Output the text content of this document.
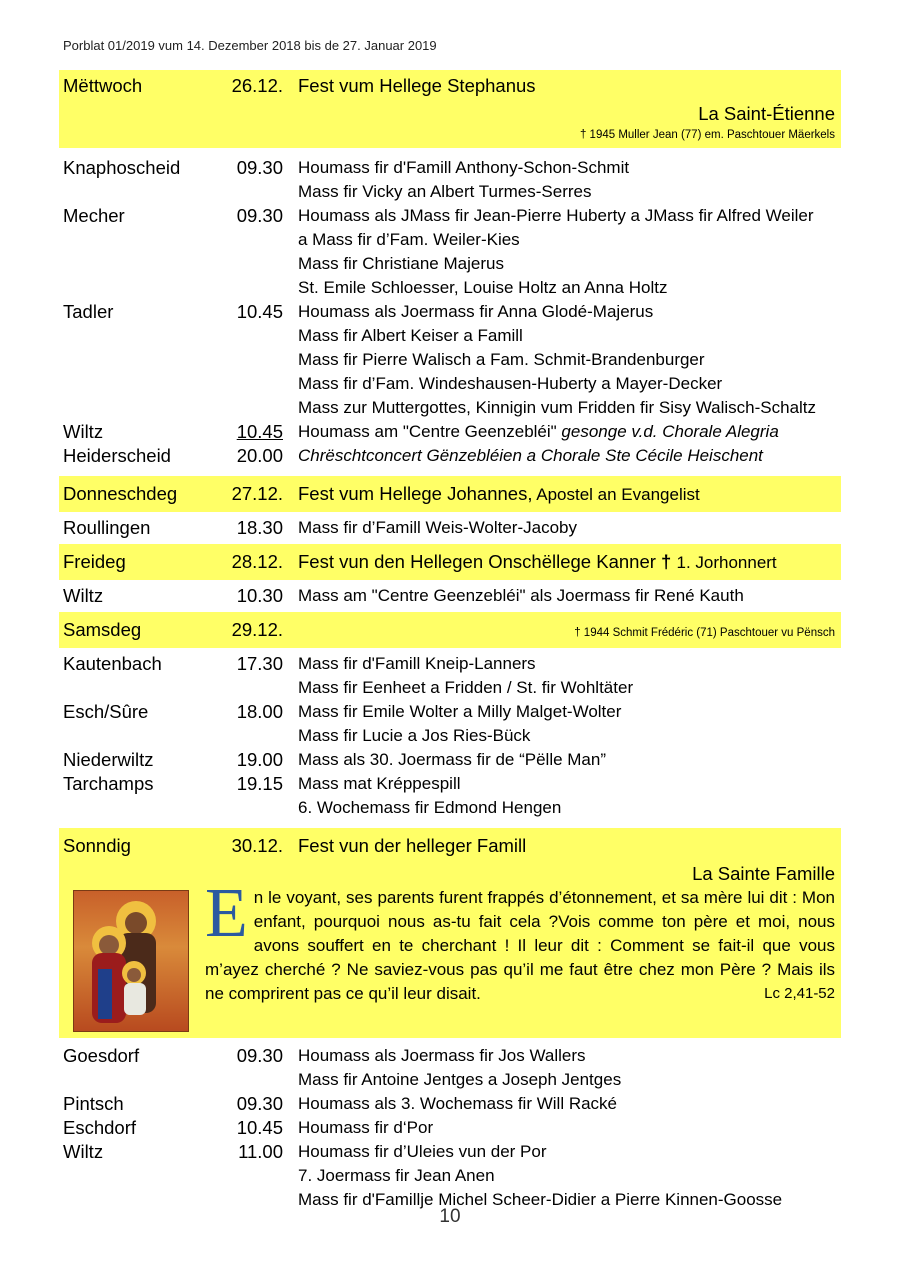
Porblat 01/2019 vum 14. Dezember 2018 bis de 27. Januar 2019
Mëttwoch	26.12. Fest vum Hellege Stephanus
La Saint-Étienne
† 1945 Muller Jean (77) em. Paschtouer Mäerkels
Knaphoscheid	09.30 Houmass fir d'Famill Anthony-Schon-Schmit
Mass fir Vicky an Albert Turmes-Serres
Mecher	09.30 Houmass als JMass fir Jean-Pierre Huberty a JMass fir Alfred Weiler
a Mass fir d’Fam. Weiler-Kies
Mass fir Christiane Majerus
St. Emile Schloesser, Louise Holtz an Anna Holtz
Tadler	10.45 Houmass als Joermass fir Anna Glodé-Majerus
Mass fir Albert Keiser a Famill
Mass fir Pierre Walisch a Fam. Schmit-Brandenburger
Mass fir d’Fam. Windeshausen-Huberty a Mayer-Decker
Mass zur Muttergottes, Kinnigin vum Fridden fir Sisy Walisch-Schaltz
Wiltz	10.45 Houmass am "Centre Geenzebléi" gesonge v.d. Chorale Alegria
Heiderscheid	20.00 Chrëschtconcert Gënzebléien a Chorale Ste Cécile Heischent
Donneschdeg	27.12. Fest vum Hellege Johannes, Apostel an Evangelist
Roullingen	18.30 Mass fir d’Famill Weis-Wolter-Jacoby
Freideg	28.12. Fest vun den Hellegen Onschëllege Kanner † 1. Jorhonnert
Wiltz	10.30 Mass am "Centre Geenzebléi" als Joermass fir René Kauth
Samsdeg	29.12.	† 1944 Schmit Frédéric (71) Paschtouer vu Pënsch
Kautenbach	17.30 Mass fir d'Famill Kneip-Lanners
Mass fir Eenheet a Fridden / St. fir Wohltäter
Esch/Sûre	18.00 Mass fir Emile Wolter a Milly Malget-Wolter
Mass fir Lucie a Jos Ries-Bück
Niederwiltz	19.00 Mass als 30. Joermass fir de “Pëlle Man”
Tarchamps	19.15 Mass mat Kréppespill
6. Wochemass fir Edmond Hengen
Sonndig	30.12. Fest vun der helleger Famill
La Sainte Famille
En le voyant, ses parents furent frappés d’étonnement, et sa mère lui dit : Mon enfant, pourquoi nous as-tu fait cela ?Vois comme ton père et moi, nous avons souffert en te cherchant ! Il leur dit : Comment se fait-il que vous m’ayez cherché ? Ne saviez-vous pas qu’il me faut être chez mon Père ? Mais ils ne comprirent pas ce qu’il leur disait.	Lc 2,41-52
Goesdorf	09.30 Houmass als Joermass fir Jos Wallers
Mass fir Antoine Jentges a Joseph Jentges
Pintsch	09.30 Houmass als 3. Wochemass fir Will Racké
Eschdorf	10.45 Houmass fir d‘Por
Wiltz	11.00 Houmass fir d’Uleies vun der Por
7. Joermass fir Jean Anen
Mass fir d'Famillje Michel Scheer-Didier a Pierre Kinnen-Goosse
10
